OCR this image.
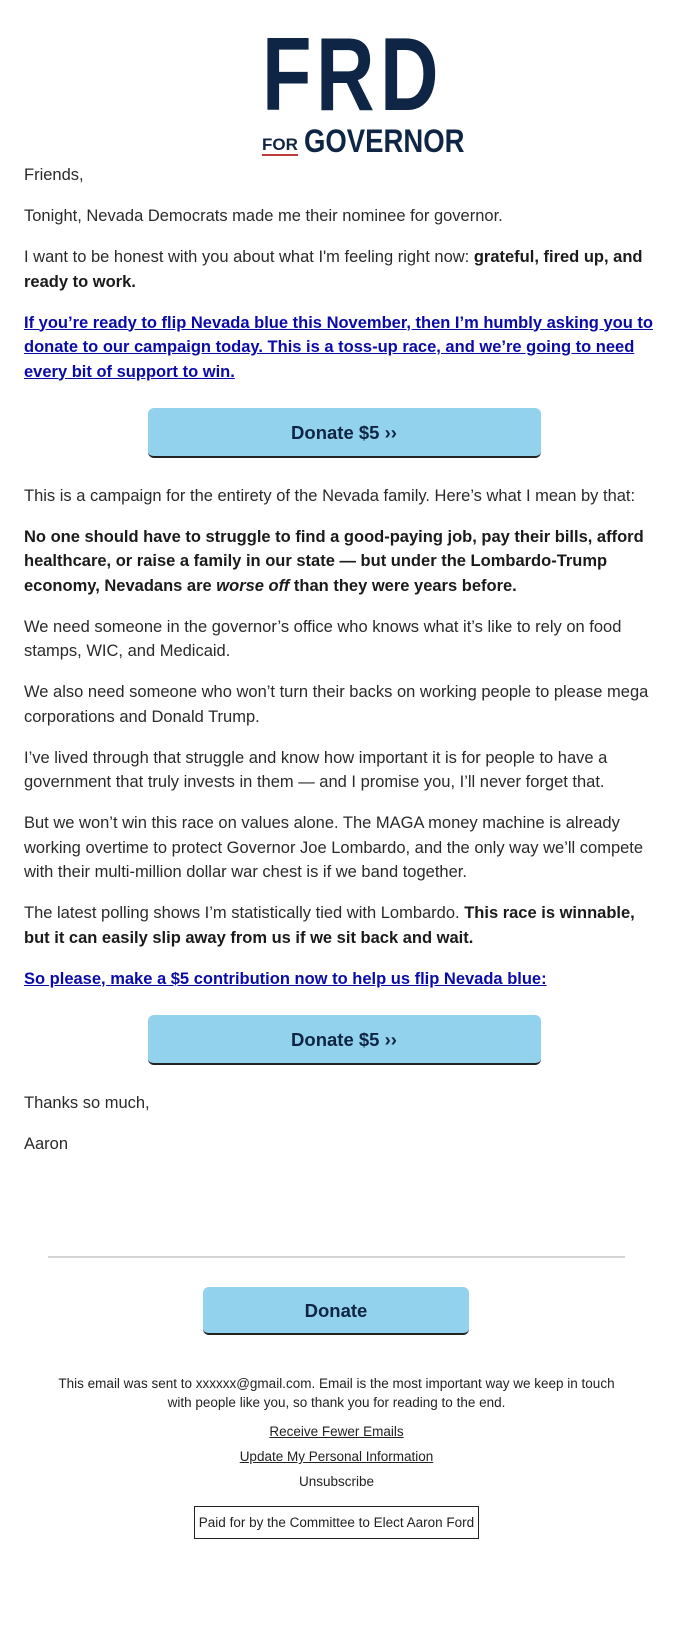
F R D
FOR GOVERNOR

Friends,

Tonight, Nevada Democrats made me their nominee for governor.

I want to be honest with you about what I'm feeling right now: grateful, fired up, and ready to work.

If you’re ready to flip Nevada blue this November, then I’m humbly asking you to donate to our campaign today. This is a toss-up race, and we’re going to need every bit of support to win.

Donate $5 ››

This is a campaign for the entirety of the Nevada family. Here’s what I mean by that:

No one should have to struggle to find a good-paying job, pay their bills, afford healthcare, or raise a family in our state — but under the Lombardo-Trump economy, Nevadans are worse off than they were years before.

We need someone in the governor’s office who knows what it’s like to rely on food stamps, WIC, and Medicaid.

We also need someone who won’t turn their backs on working people to please mega corporations and Donald Trump.

I’ve lived through that struggle and know how important it is for people to have a government that truly invests in them — and I promise you, I’ll never forget that.

But we won’t win this race on values alone. The MAGA money machine is already working overtime to protect Governor Joe Lombardo, and the only way we’ll compete with their multi-million dollar war chest is if we band together.

The latest polling shows I’m statistically tied with Lombardo. This race is winnable, but it can easily slip away from us if we sit back and wait.

So please, make a $5 contribution now to help us flip Nevada blue:

Donate $5 ››

Thanks so much,

Aaron

Donate
This email was sent to xxxxxx@gmail.com. Email is the most important way we keep in touch with people like you, so thank you for reading to the end.
Receive Fewer Emails
Update My Personal Information
Unsubscribe
Paid for by the Committee to Elect Aaron Ford
